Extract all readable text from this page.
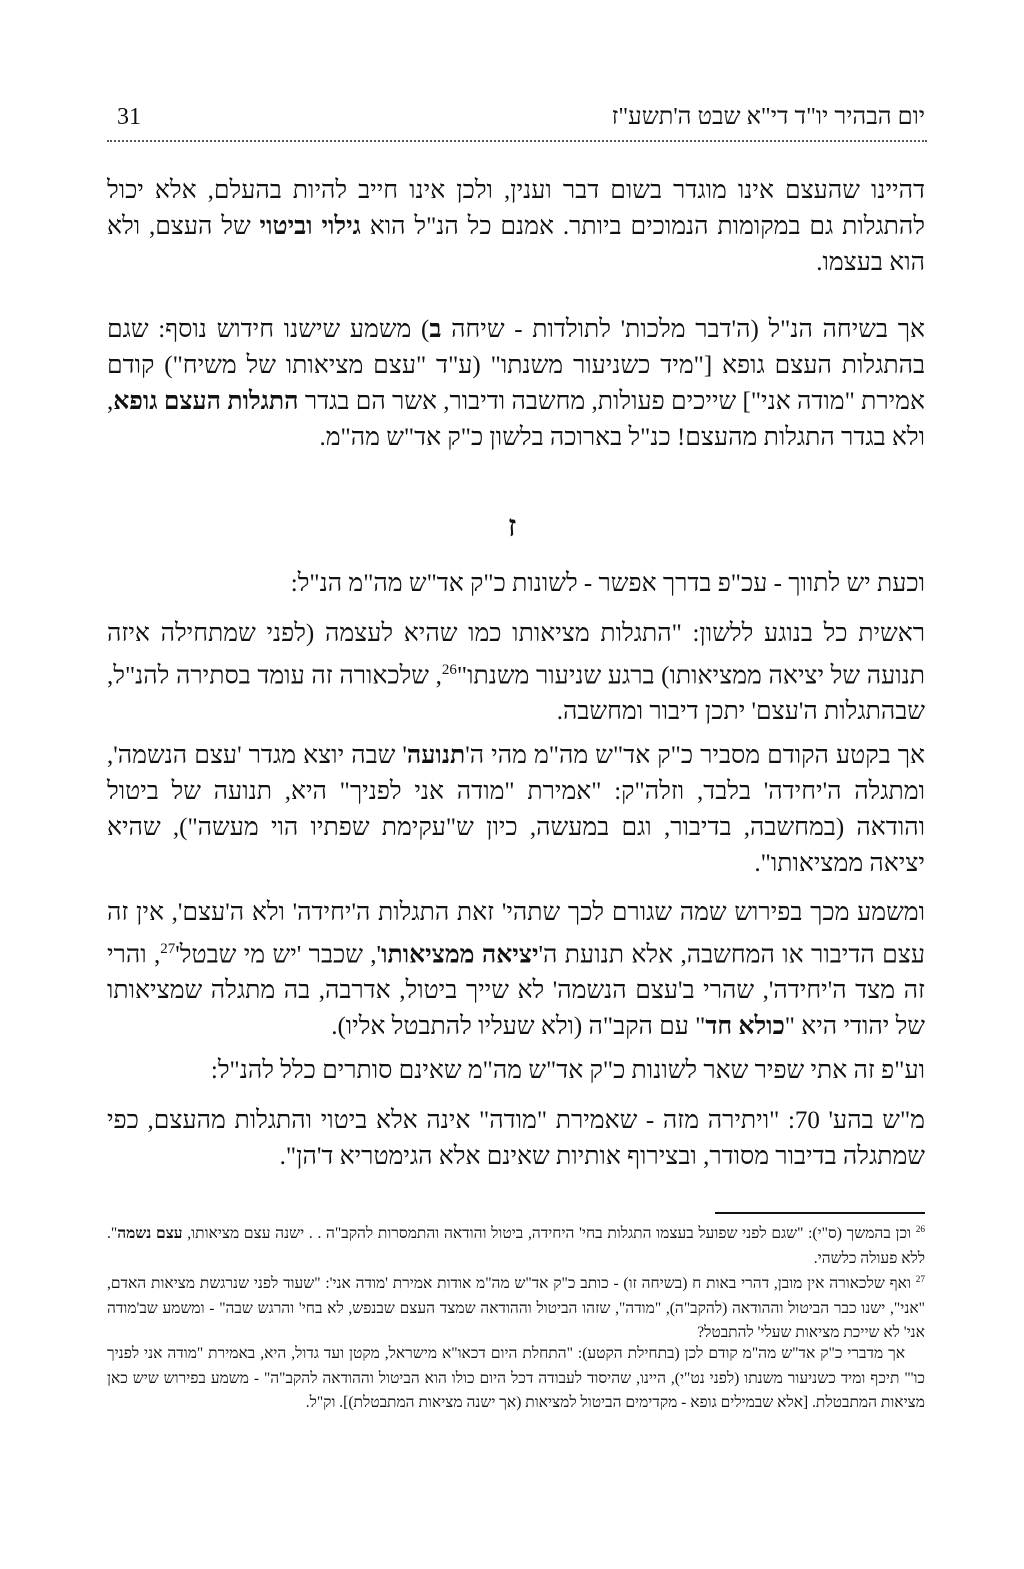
31	יום הבהיר יו"ד די"א שבט ה'תשע"ז
דהיינו שהעצם אינו מוגדר בשום דבר וענין, ולכן אינו חייב להיות בהעלם, אלא יכול להתגלות גם במקומות הנמוכים ביותר. אמנם כל הנ"ל הוא גילוי וביטוי של העצם, ולא הוא בעצמו.
אך בשיחה הנ"ל (ה'דבר מלכות' לתולדות - שיחה ב) משמע שישנו חידוש נוסף: שגם בהתגלות העצם גופא ["מיד כשניעור משנתו" (ע"ד "עצם מציאותו של משיח") קודם אמירת "מודה אני"] שייכים פעולות, מחשבה ודיבור, אשר הם בגדר התגלות העצם גופא, ולא בגדר התגלות מהעצם! כנ"ל בארוכה בלשון כ"ק אד"ש מה"מ.
ז
וכעת יש לתווך - עכ"פ בדרך אפשר - לשונות כ"ק אד"ש מה"מ הנ"ל:
ראשית כל בנוגע ללשון: "התגלות מציאותו כמו שהיא לעצמה (לפני שמתחילה איזה תנועה של יציאה ממציאותו) ברגע שניעור משנתו"$^{26}$, שלכאורה זה עומד בסתירה להנ"ל, שבהתגלות ה'עצם' יתכן דיבור ומחשבה.
אך בקטע הקודם מסביר כ"ק אד"ש מה"מ מהי ה'תנועה' שבה יוצא מגדר 'עצם הנשמה', ומתגלה ה'יחידה' בלבד, וזלה"ק: "אמירת "מודה אני לפניך" היא, תנועה של ביטול והודאה (במחשבה, בדיבור, וגם במעשה, כיון ש"עקימת שפתיו הוי מעשה"), שהיא יציאה ממציאותו".
ומשמע מכך בפירוש שמה שגורם לכך שתהי' זאת התגלות ה'יחידה' ולא ה'עצם', אין זה עצם הדיבור או המחשבה, אלא תנועת ה'יציאה ממציאותו', שכבר 'יש מי $שבטל'^{27}$, והרי זה מצד ה'יחידה', שהרי ב'עצם הנשמה' לא שייך ביטול, אדרבה, בה מתגלה שמציאותו של יהודי היא "כולא חד" עם הקב"ה (ולא שעליו להתבטל אליו).
וע"פ זה אתי שפיר שאר לשונות כ"ק אד"ש מה"מ שאינם סותרים כלל להנ"ל:
מ"ש בהע' 70: "ויתירה מזה - שאמירת "מודה" אינה אלא ביטוי והתגלות מהעצם, כפי שמתגלה בדיבור מסודר, ובצירוף אותיות שאינם אלא הגימטריא ד'הן".
$^{26}$ וכן בהמשך (ס"י): "שגם לפני שפועל בעצמו התגלות בחי' היחידה, ביטול והודאה והתמסרות להקב"ה . . ישנה עצם מציאותו, עצם נשמה". ללא פעולה כלשהי.
$^{27}$ ואף שלכאורה אין מובן, דהרי באות ח (בשיחה זו) - כותב כ"ק אד"ש מה"מ אודות אמירת 'מודה אני': "שעוד לפני שנרגשת מציאות האדם, "אני", ישנו כבר הביטול וההודאה (להקב"ה), "מודה", שזהו הביטול וההודאה שמצד העצם שבנפש, לא בחי' והרגש שבה" - ומשמע שב'מודה אני' לא שייכת מציאות שעלי' להתבטל?
אך מדברי כ"ק אד"ש מה"מ קודם לכן (בתחילת הקטע): "התחלת היום דכאו"א מישראל, מקטן ועד גדול, היא, באמירת "מודה אני לפניך כו'" תיכף ומיד כשניעור משנתו (לפני נט"י), היינו, שהיסוד לעבודה דכל היום כולו הוא הביטול וההודאה להקב"ה" - משמע בפירוש שיש כאן מציאות המתבטלת. [אלא שבמילים גופא - מקדימים הביטול למציאות (אך ישנה מציאות המתבטלת)]. וק"ל.
